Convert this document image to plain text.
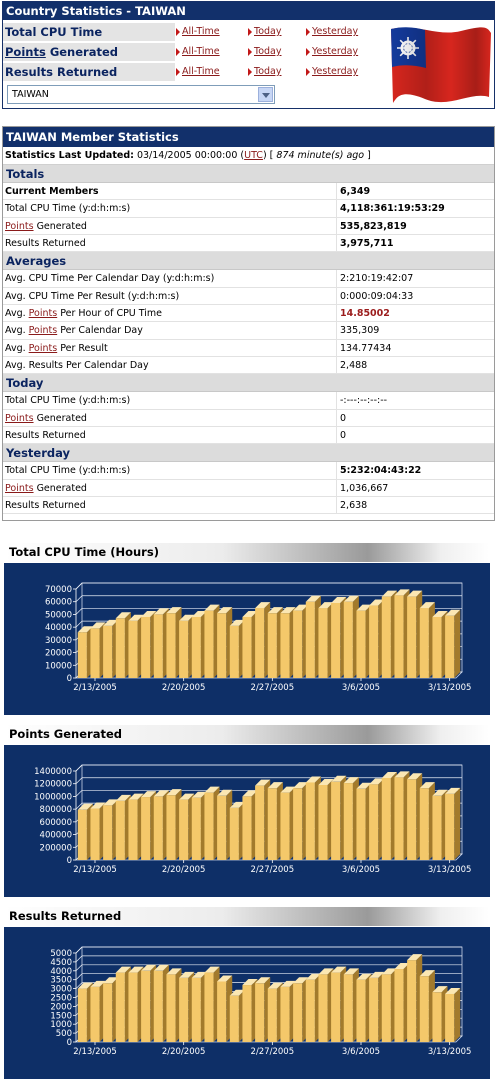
Country Statistics - TAIWAN
Total CPU Time	All-Time	Today	Yesterday
Points Generated	All-Time	Today	Yesterday
Results Returned	All-Time	Today	Yesterday
TAIWAN
TAIWAN Member Statistics
Statistics Last Updated: 03/14/2005 00:00:00 (UTC) [ 874 minute(s) ago ]
Totals
Current Members	6,349
Total CPU Time (y:d:h:m:s)	4,118:361:19:53:29
Points Generated	535,823,819
Results Returned	3,975,711
Averages
Avg. CPU Time Per Calendar Day (y:d:h:m:s)	2:210:19:42:07
Avg. CPU Time Per Result (y:d:h:m:s)	0:000:09:04:33
Avg. Points Per Hour of CPU Time	14.85002
Avg. Points Per Calendar Day	335,309
Avg. Points Per Result	134.77434
Avg. Results Per Calendar Day	2,488
Today
Total CPU Time (y:d:h:m:s)	-:---:--:--:--
Points Generated	0
Results Returned	0
Yesterday
Total CPU Time (y:d:h:m:s)	5:232:04:43:22
Points Generated	1,036,667
Results Returned	2,638
Total CPU Time (Hours)
0
10000
20000
30000
40000
50000
60000
70000
2/13/2005	2/20/2005	2/27/2005	3/6/2005	3/13/2005
Points Generated
0
200000
400000
600000
800000
1000000
1200000
1400000
2/13/2005	2/20/2005	2/27/2005	3/6/2005	3/13/2005
Results Returned
0
500
1000
1500
2000
2500
3000
3500
4000
4500
5000
2/13/2005	2/20/2005	2/27/2005	3/6/2005	3/13/2005
